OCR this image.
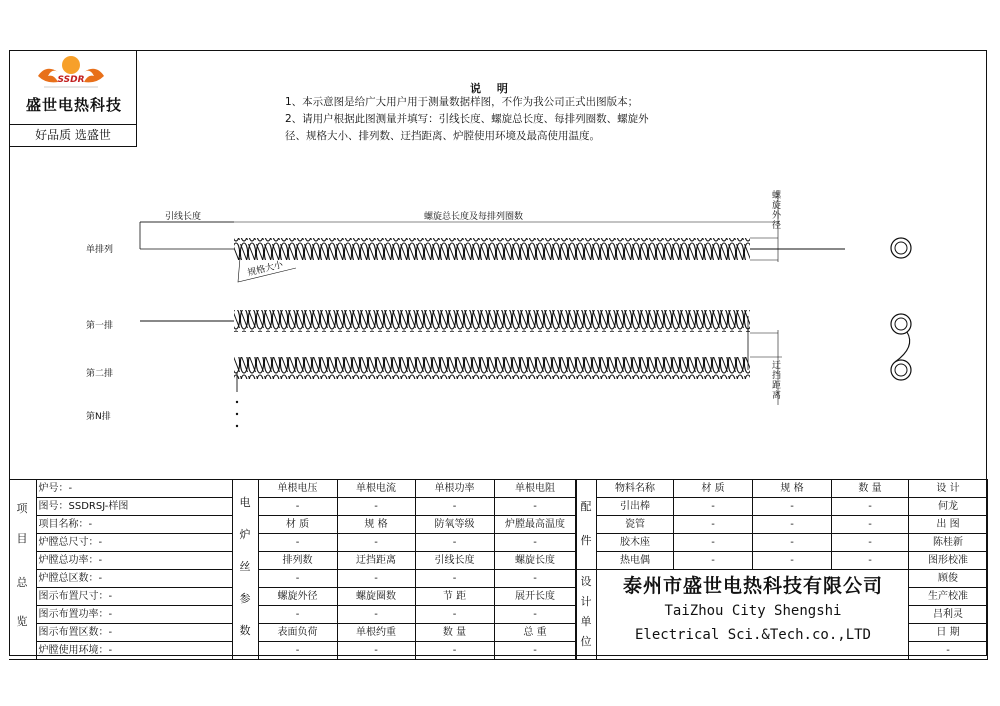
SSDR
盛世电热科技
好品质 选盛世
说 明
1、本示意图是给广大用户用于测量数据样图，不作为我公司正式出图版本；
2、请用户根据此图测量并填写：引线长度、螺旋总长度、每排列圈数、螺旋外
径、规格大小、排列数、迂挡距离、炉膛使用环境及最高使用温度。
引线长度	螺旋总长度及每排列圈数
规格大小
单排列
第一排
第二排
第N排
螺旋外径
迂挡距离
项
目
总
览
	炉号：-		单根电压	单根电流	单根功率	单根电阻
	图号：SSDRSJ-样图		-	-	-	-
	项目名称：-		材 质	规 格	防氧等级	炉膛最高温度
	炉膛总尺寸：-		-	-	-	-
	炉膛总功率：-		排列数	迂挡距离	引线长度	螺旋长度
	炉膛总区数：-		-	-	-	-
	图示布置尺寸：-		螺旋外径	螺旋圈数	节 距	展开长度
	图示布置功率：-		-	-	-	-
	图示布置区数：-		表面负荷	单根约重	数 量	总 重
	炉膛使用环境：-		-	-	-	-
电
炉
丝
参
数
	物料名称	材 质	规 格	数 量	设 计
	引出棒	-	-	-	何龙
	瓷管	-	-	-	出 图
	胶木座	-	-	-	陈桂新
	热电偶	-	-	-	图形校准
					顾俊
					生产校准
					吕利灵
					日 期
					-
配
件
设
计
单
位
泰州市盛世电热科技有限公司
TaiZhou City Shengshi
Electrical Sci.&Tech.co.,LTD
